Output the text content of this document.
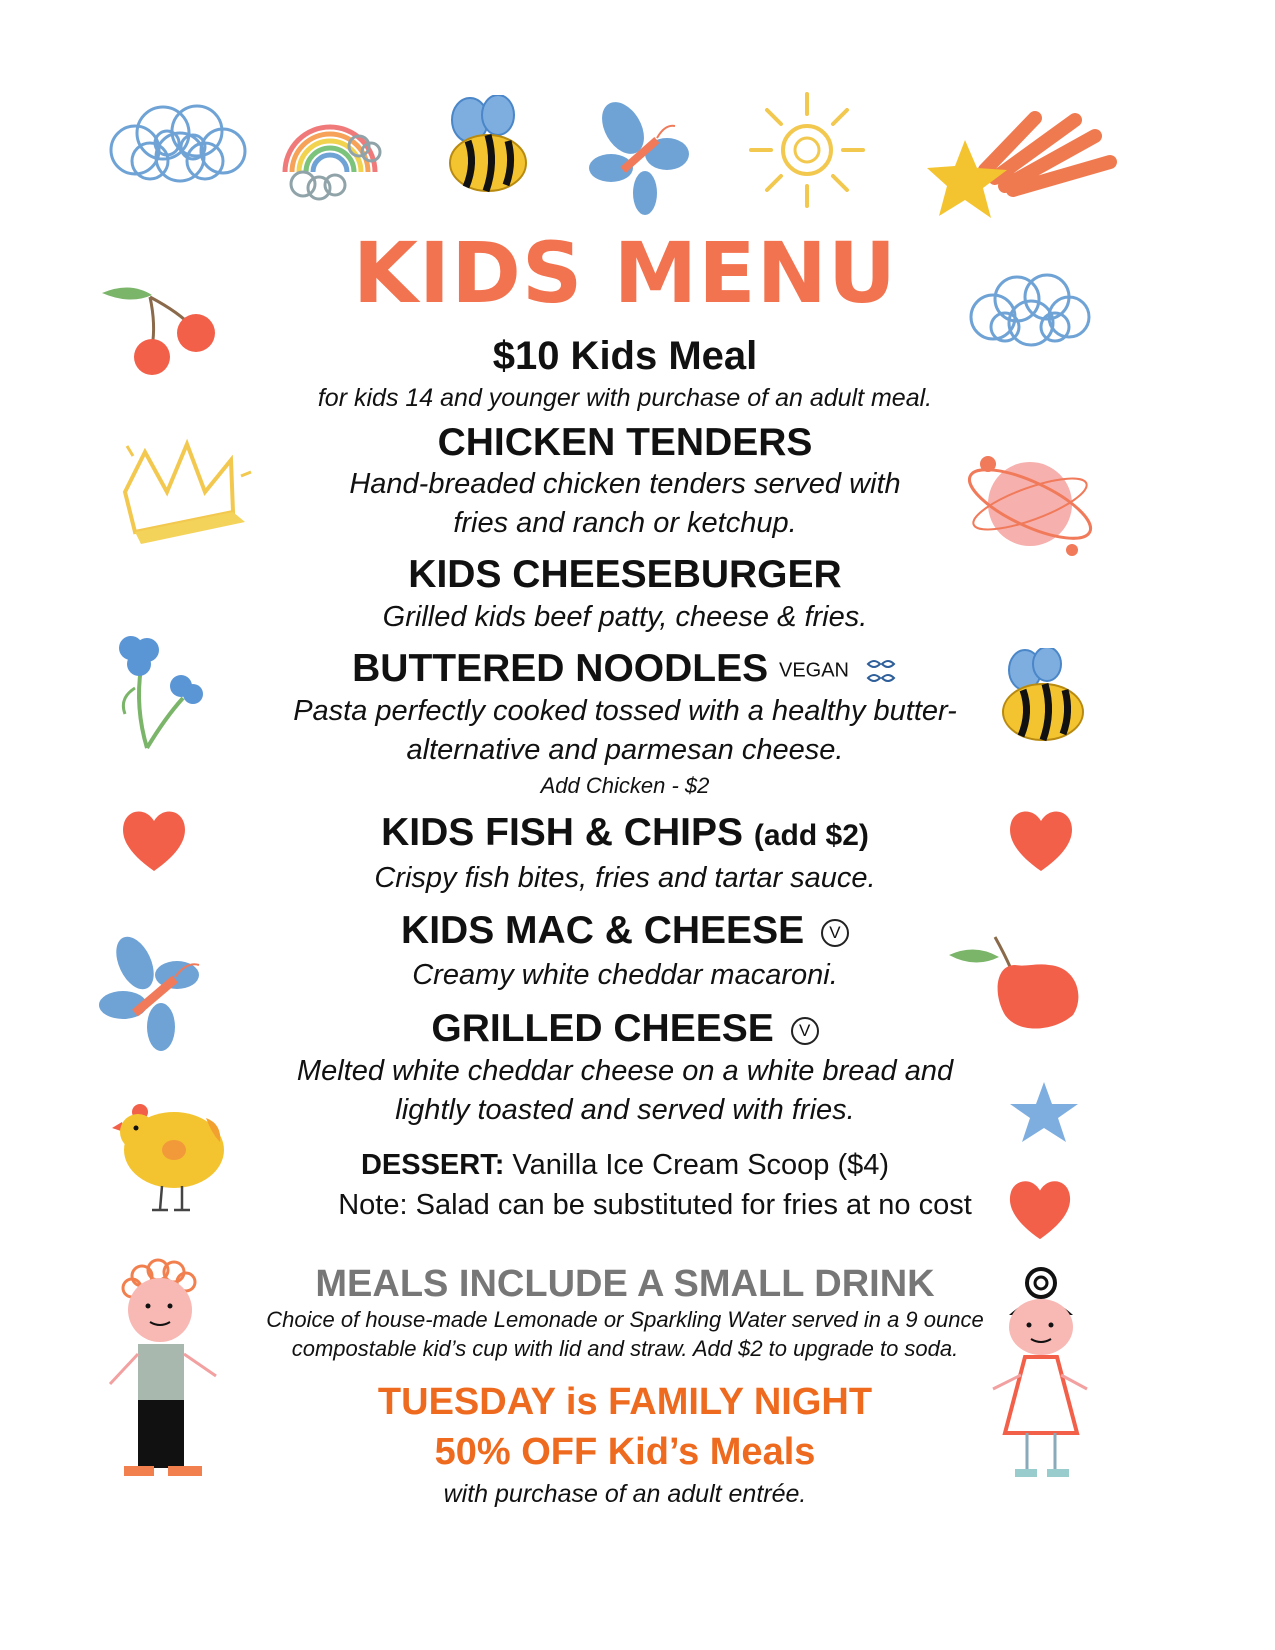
KIDS MENU
$10 Kids Meal
for kids 14 and younger with purchase of an adult meal.
CHICKEN TENDERS
Hand-breaded chicken tenders served with
fries and ranch or ketchup.
KIDS CHEESEBURGER
Grilled kids beef patty, cheese & fries.
BUTTERED NOODLES VEGAN
Pasta perfectly cooked tossed with a healthy butter-
alternative and parmesan cheese.
Add Chicken - $2
KIDS FISH & CHIPS (add $2)
Crispy fish bites, fries and tartar sauce.
KIDS MAC & CHEESE V
Creamy white cheddar macaroni.
GRILLED CHEESE V
Melted white cheddar cheese on a white bread and
lightly toasted and served with fries.
DESSERT: Vanilla Ice Cream Scoop ($4)
Note: Salad can be substituted for fries at no cost
MEALS INCLUDE A SMALL DRINK
Choice of house-made Lemonade or Sparkling Water served in a 9 ounce
compostable kid’s cup with lid and straw. Add $2 to upgrade to soda.
TUESDAY is FAMILY NIGHT
50% OFF Kid’s Meals
with purchase of an adult entrée.
